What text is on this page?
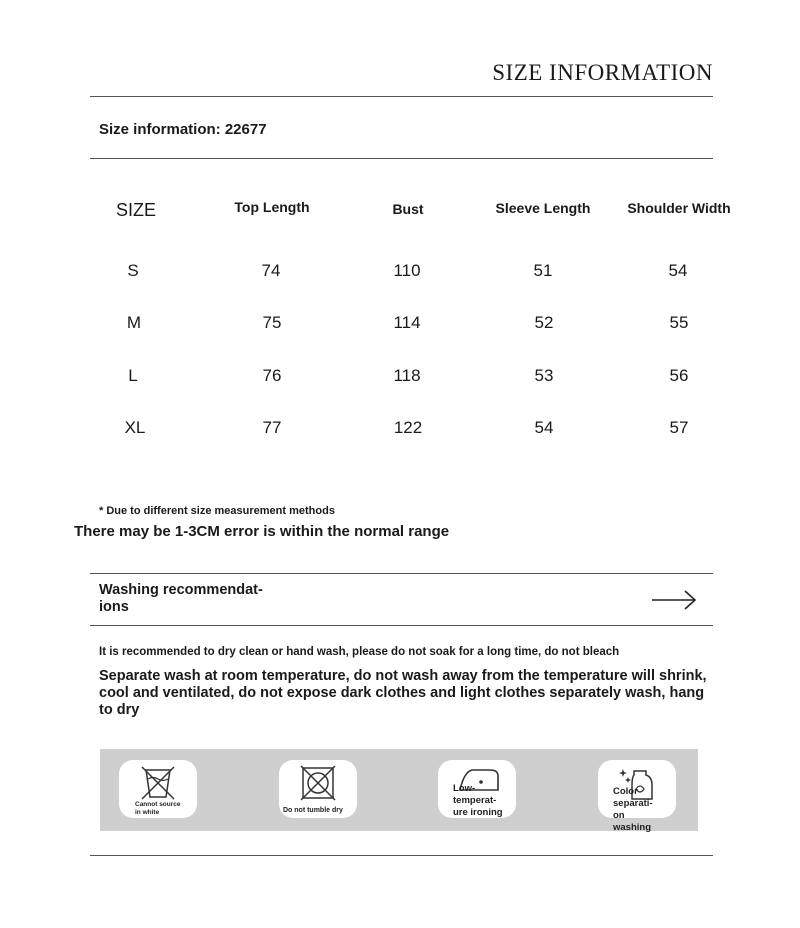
SIZE INFORMATION
Size information: 22677
SIZE	Top Length	Bust	Sleeve Length	Shoulder Width
S	74	110	51	54
M	75	114	52	55
L	76	118	53	56
XL	77	122	54	57
* Due to different size measurement methods
There may be 1-3CM error is within the normal range
Washing recommendat- ions
It is recommended to dry clean or hand wash, please do not soak for a long time, do not bleach
Separate wash at room temperature, do not wash away from the temperature will shrink, cool and ventilated, do not expose dark clothes and light clothes separately wash, hang to dry
Cannot source in white	Do not tumble dry
Low- temperat- ure ironing
Color separati- on washing
